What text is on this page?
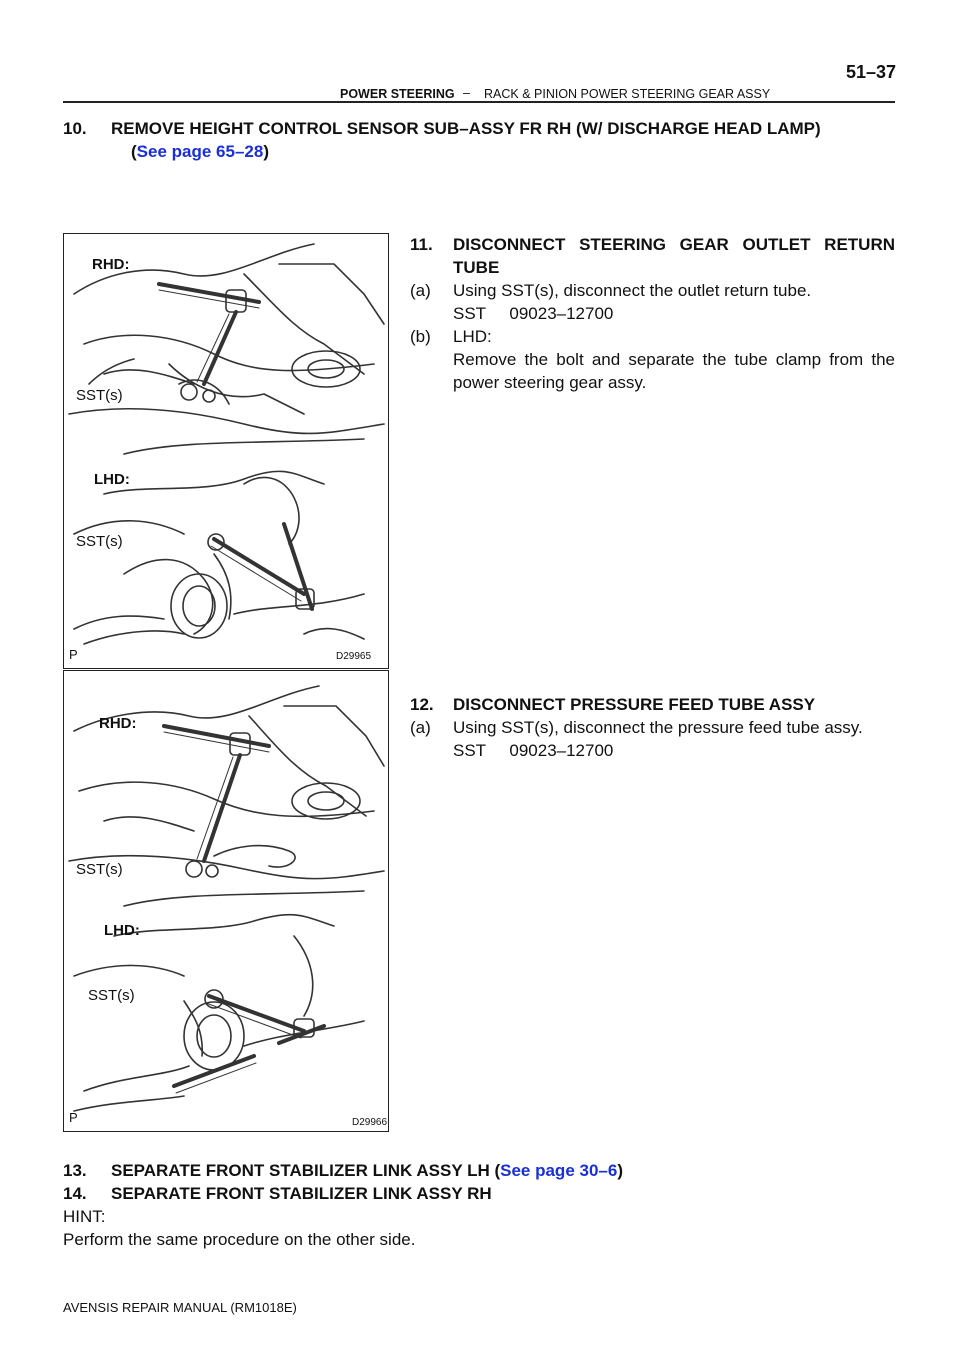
51–37
POWER STEERING – RACK & PINION POWER STEERING GEAR ASSY
10. REMOVE HEIGHT CONTROL SENSOR SUB–ASSY FR RH (W/ DISCHARGE HEAD LAMP)
(See page 65–28)
RHD:
SST(s)
LHD:
SST(s)
P	D29965
11. DISCONNECT STEERING GEAR OUTLET RETURN
TUBE
(a) Using SST(s), disconnect the outlet return tube.
SST     09023–12700
(b) LHD:
Remove the bolt and separate the tube clamp from the
power steering gear assy.
RHD:
SST(s)
LHD:
SST(s)
P	D29966
12. DISCONNECT PRESSURE FEED TUBE ASSY
(a) Using SST(s), disconnect the pressure feed tube assy.
SST     09023–12700
13. SEPARATE FRONT STABILIZER LINK ASSY LH (See page 30–6)
14. SEPARATE FRONT STABILIZER LINK ASSY RH
HINT:
Perform the same procedure on the other side.
AVENSIS REPAIR MANUAL (RM1018E)
